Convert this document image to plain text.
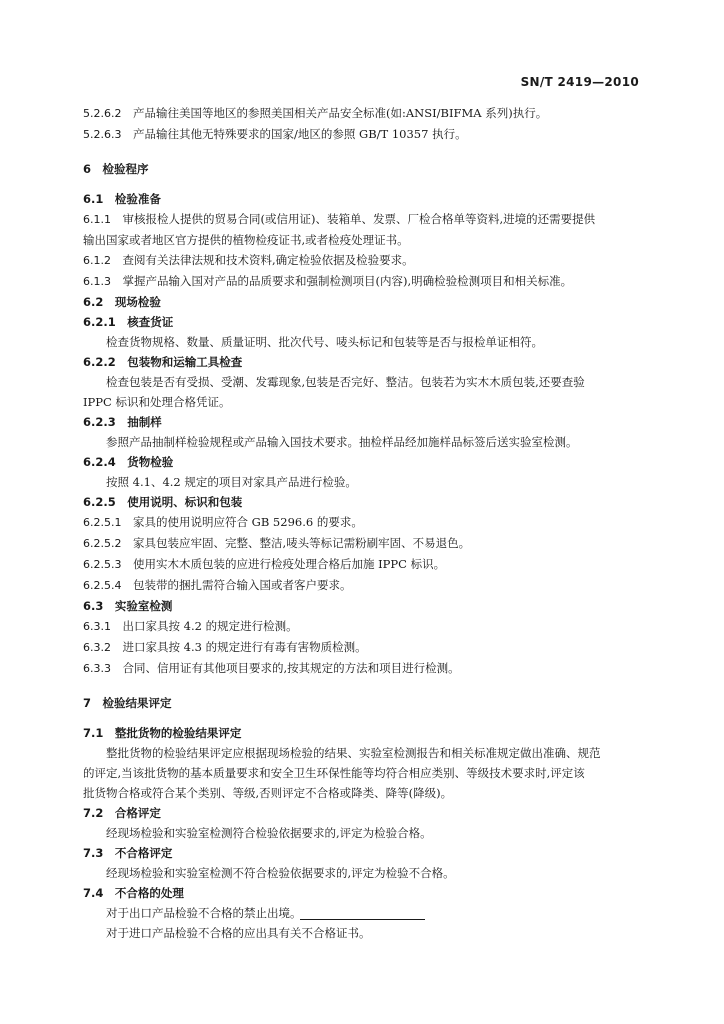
SN/T 2419—2010
5.2.6.2 产品输往美国等地区的参照美国相关产品安全标准(如:ANSI/BIFMA 系列)执行。
5.2.6.3 产品输往其他无特殊要求的国家/地区的参照 GB/T 10357 执行。
6 检验程序
6.1 检验准备
6.1.1 审核报检人提供的贸易合同(或信用证)、装箱单、发票、厂检合格单等资料,进境的还需要提供
输出国家或者地区官方提供的植物检疫证书,或者检疫处理证书。
6.1.2 查阅有关法律法规和技术资料,确定检验依据及检验要求。
6.1.3 掌握产品输入国对产品的品质要求和强制检测项目(内容),明确检验检测项目和相关标准。
6.2 现场检验
6.2.1 核查货证
检查货物规格、数量、质量证明、批次代号、唛头标记和包装等是否与报检单证相符。
6.2.2 包装物和运输工具检查
检查包装是否有受损、受潮、发霉现象,包装是否完好、整洁。包装若为实木木质包装,还要查验
IPPC 标识和处理合格凭证。
6.2.3 抽制样
参照产品抽制样检验规程或产品输入国技术要求。抽检样品经加施样品标签后送实验室检测。
6.2.4 货物检验
按照 4.1、4.2 规定的项目对家具产品进行检验。
6.2.5 使用说明、标识和包装
6.2.5.1 家具的使用说明应符合 GB 5296.6 的要求。
6.2.5.2 家具包装应牢固、完整、整洁,唛头等标记需粉刷牢固、不易退色。
6.2.5.3 使用实木木质包装的应进行检疫处理合格后加施 IPPC 标识。
6.2.5.4 包装带的捆扎需符合输入国或者客户要求。
6.3 实验室检测
6.3.1 出口家具按 4.2 的规定进行检测。
6.3.2 进口家具按 4.3 的规定进行有毒有害物质检测。
6.3.3 合同、信用证有其他项目要求的,按其规定的方法和项目进行检测。
7 检验结果评定
7.1 整批货物的检验结果评定
整批货物的检验结果评定应根据现场检验的结果、实验室检测报告和相关标准规定做出准确、规范
的评定,当该批货物的基本质量要求和安全卫生环保性能等均符合相应类别、等级技术要求时,评定该
批货物合格或符合某个类别、等级,否则评定不合格或降类、降等(降级)。
7.2 合格评定
经现场检验和实验室检测符合检验依据要求的,评定为检验合格。
7.3 不合格评定
经现场检验和实验室检测不符合检验依据要求的,评定为检验不合格。
7.4 不合格的处理
对于出口产品检验不合格的禁止出境。
对于进口产品检验不合格的应出具有关不合格证书。
